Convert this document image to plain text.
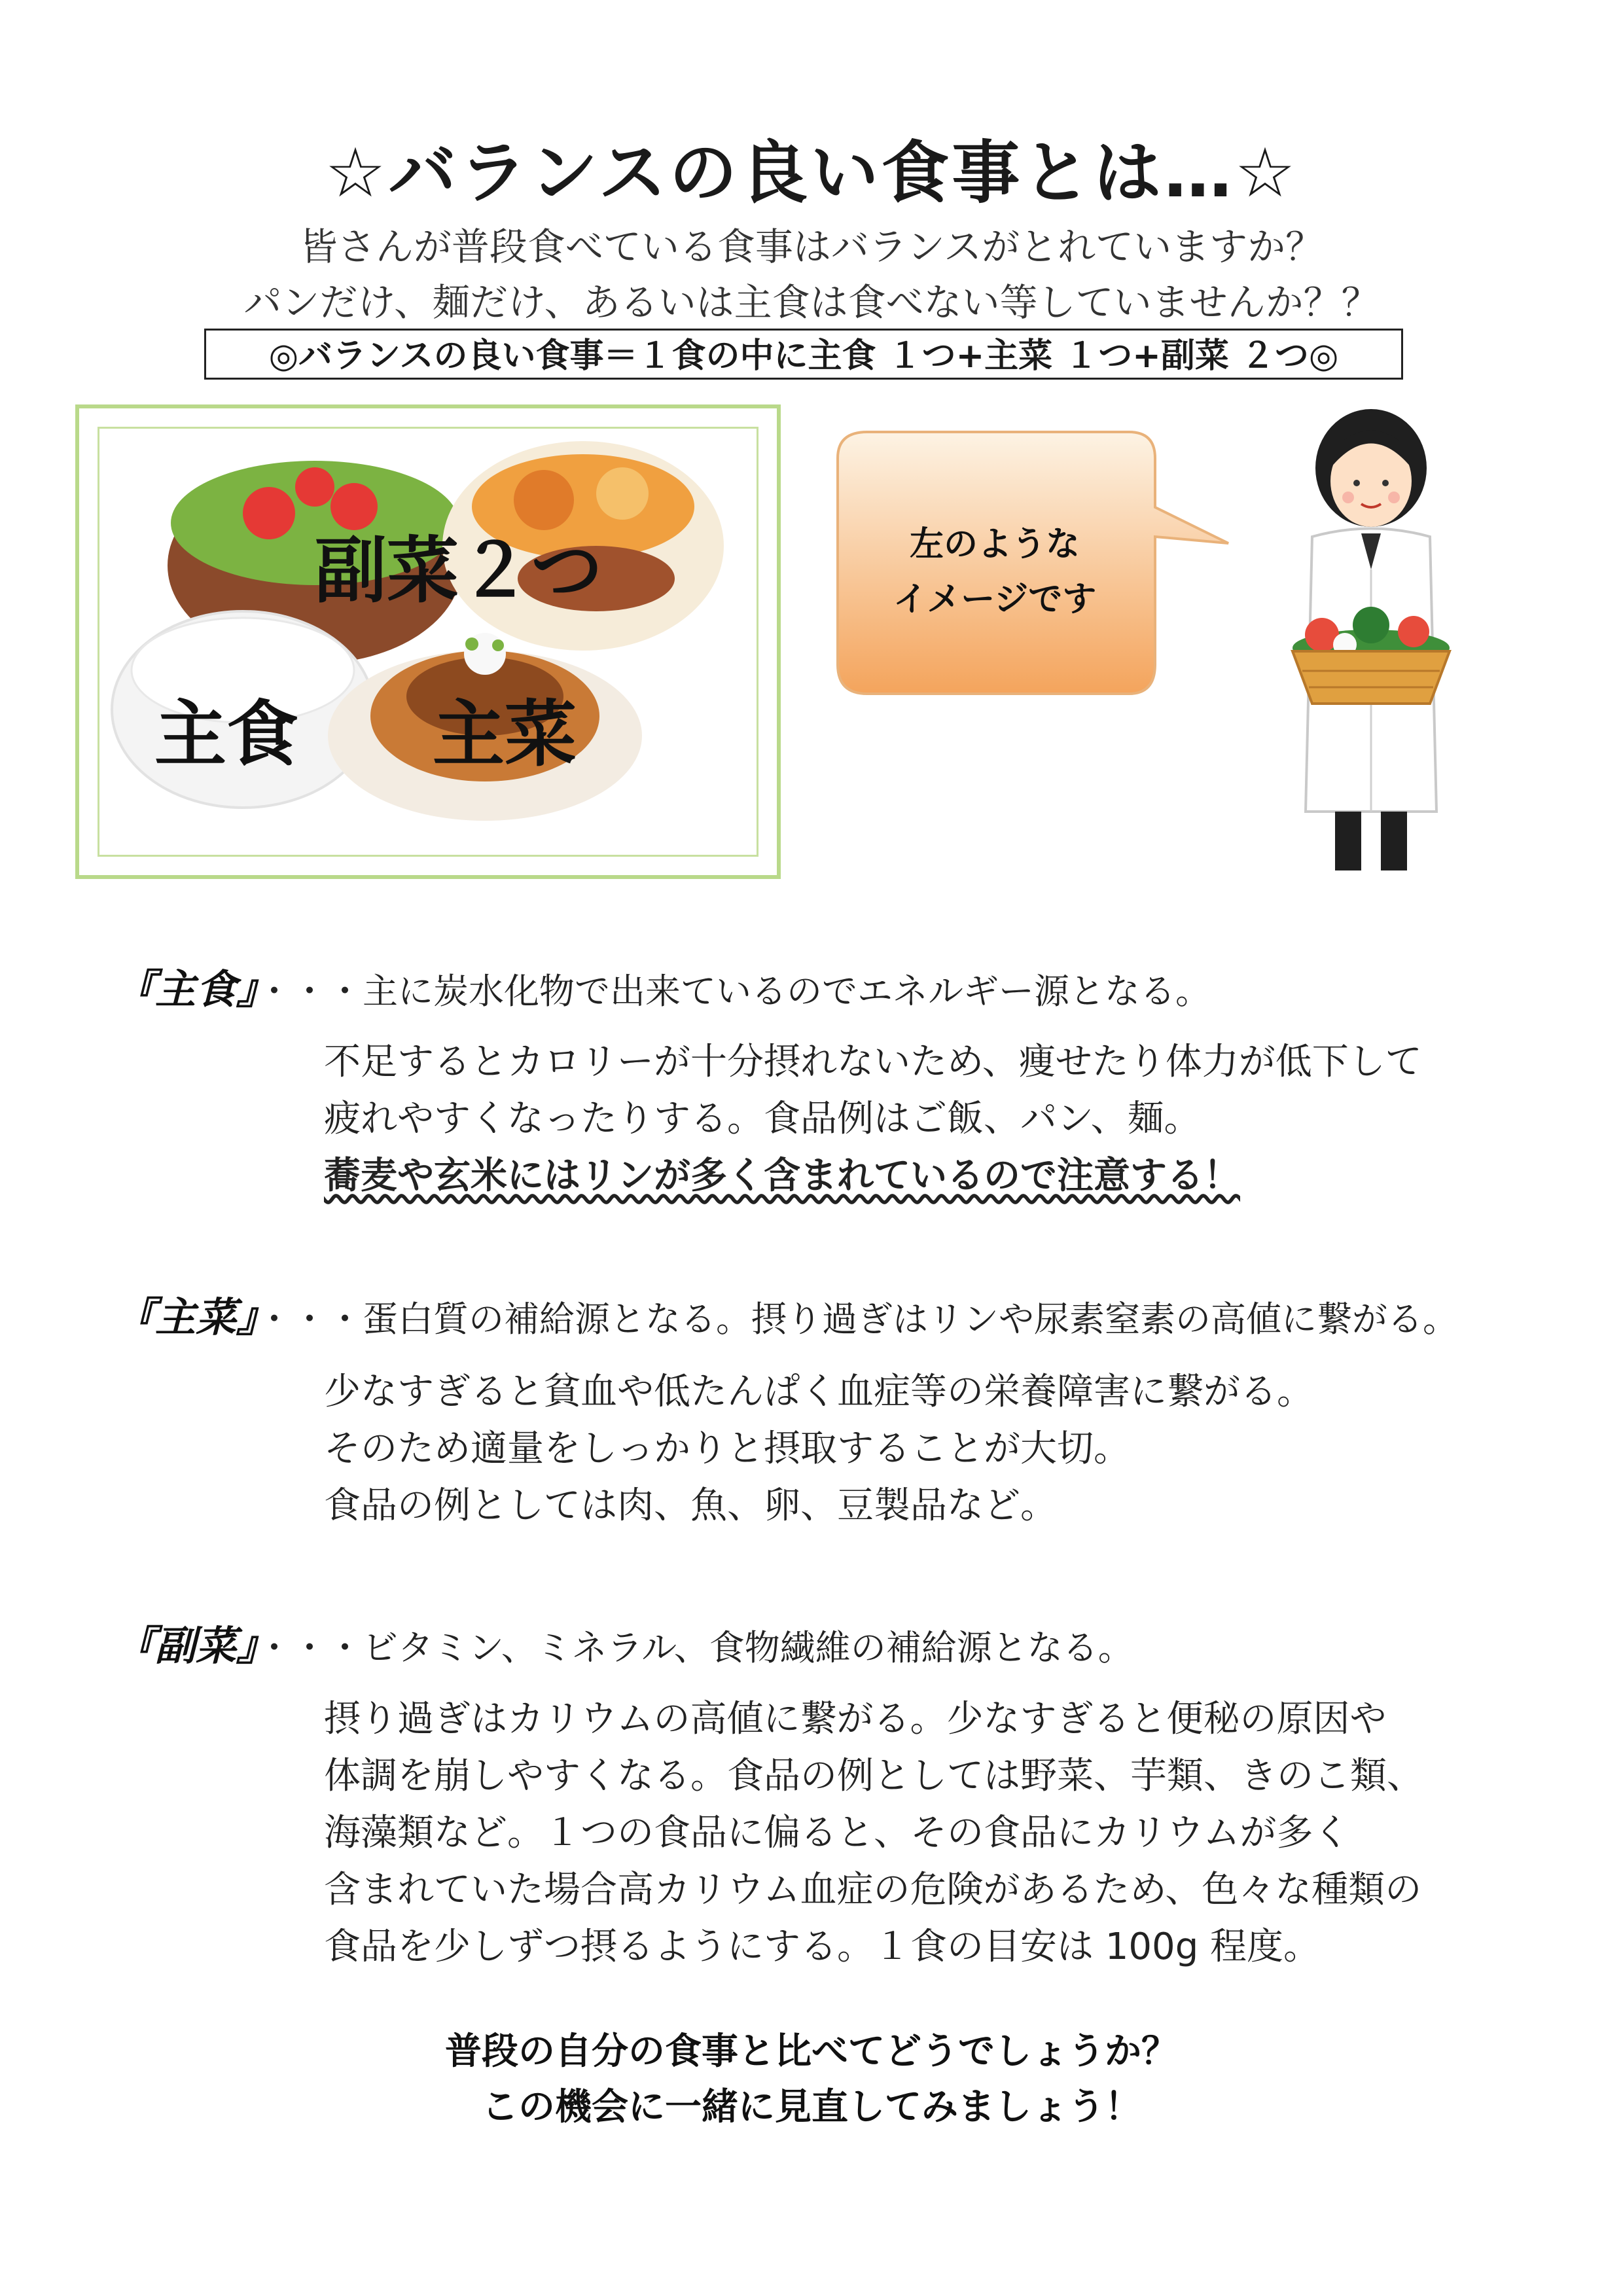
☆バランスの良い食事とは…☆
皆さんが普段食べている食事はバランスがとれていますか？
パンだけ、麺だけ、あるいは主食は食べない等していませんか？？
◎バランスの良い食事＝１食の中に主食 １つ+主菜 １つ+副菜 ２つ◎
副菜２つ
主食 主菜
左のような
イメージです
『主食』・・・主に炭水化物で出来ているのでエネルギー源となる。
不足するとカロリーが十分摂れないため、痩せたり体力が低下して
疲れやすくなったりする。食品例はご飯、パン、麺。
蕎麦や玄米にはリンが多く含まれているので注意する！
『主菜』・・・蛋白質の補給源となる。摂り過ぎはリンや尿素窒素の高値に繋がる。
少なすぎると貧血や低たんぱく血症等の栄養障害に繋がる。
そのため適量をしっかりと摂取することが大切。
食品の例としては肉、魚、卵、豆製品など。
『副菜』・・・ビタミン、ミネラル、食物繊維の補給源となる。
摂り過ぎはカリウムの高値に繋がる。少なすぎると便秘の原因や
体調を崩しやすくなる。食品の例としては野菜、芋類、きのこ類、
海藻類など。１つの食品に偏ると、その食品にカリウムが多く
含まれていた場合高カリウム血症の危険があるため、色々な種類の
食品を少しずつ摂るようにする。１食の目安は 100g 程度。
普段の自分の食事と比べてどうでしょうか？
この機会に一緒に見直してみましょう！
